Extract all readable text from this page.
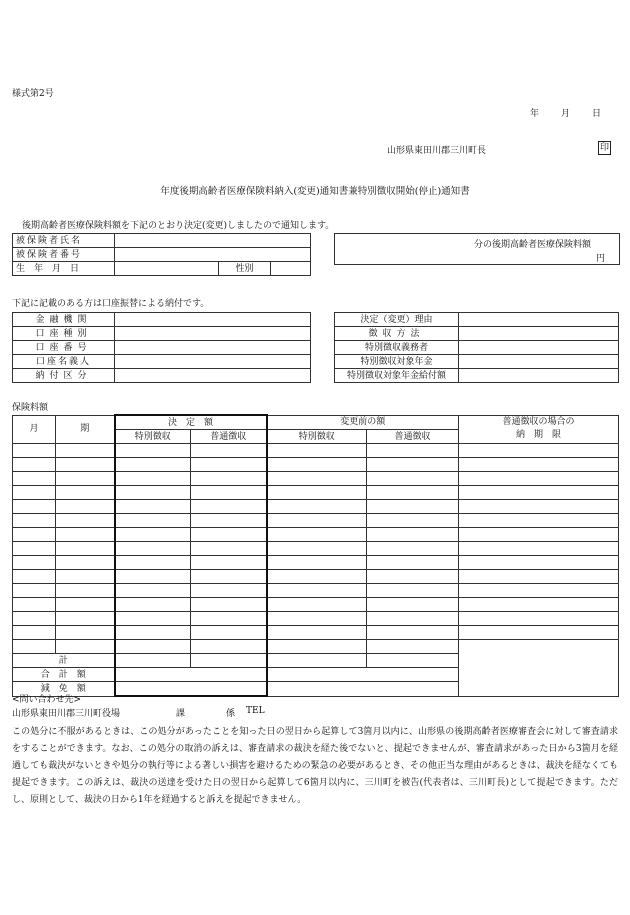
様式第2号
年 月 日
山形県東田川郡三川町長	印
年度後期高齢者医療保険料納入(変更)通知書兼特別徴収開始(停止)通知書
後期高齢者医療保険料額を下記のとおり決定(変更)しましたので通知します。
被保険者氏名			
被保険者番号			
生　年　月　日		性別	
分の後期高齢者医療保険料額
円
下記に記載のある方は口座振替による納付です。
金融機関	
口座種別	
口座番号	
口座名義人	
納付区分	
決定（変更）理由	
徴収方法	
特別徴収義務者	
特別徴収対象年金	
特別徴収対象年金給付額	
保険料額
月	期	決　定　額		変更前の額		普通徴収の場合の
納　期　限

		特別徴収	普通徴収	特別徴収	普通徴収	

計						
合　計　額						
減　免　額						
<問い合わせ先>
山形県東田川郡三川町役場	課	係 TEL
この処分に不服があるときは、この処分があったことを知った日の翌日から起算して3箇月以内に、山形県の後期高齢者医療審査会に対して審査請求をすることができます。なお、この処分の取消の訴えは、審査請求の裁決を経た後でないと、提起できませんが、審査請求があった日から3箇月を経過しても裁決がないときや処分の執行等による著しい損害を避けるための緊急の必要があるとき、その他正当な理由があるときは、裁決を経なくても提起できます。この訴えは、裁決の送達を受けた日の翌日から起算して6箇月以内に、三川町を被告(代表者は、三川町長)として提起できます。ただし、原則として、裁決の日から1年を経過すると訴えを提起できません。
